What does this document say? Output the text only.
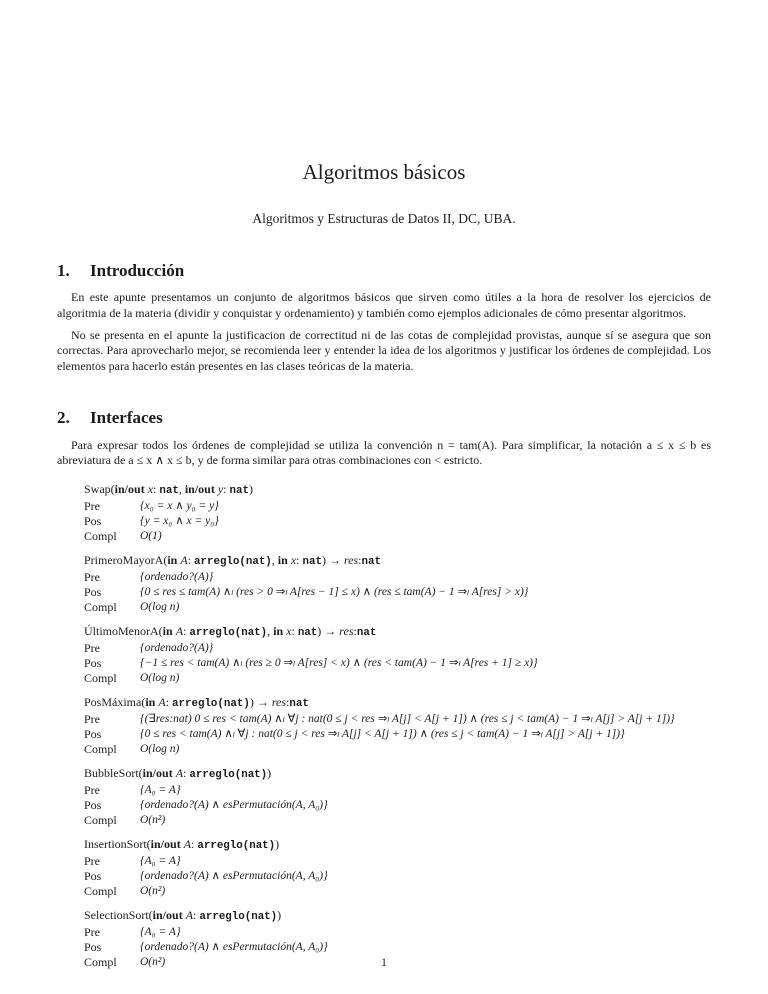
Algoritmos básicos
Algoritmos y Estructuras de Datos II, DC, UBA.
1. Introducción

En este apunte presentamos un conjunto de algoritmos básicos que sirven como útiles a la hora de resolver los ejercicios de algoritmia de la materia (dividir y conquistar y ordenamiento) y también como ejemplos adicionales de cómo presentar algoritmos.

No se presenta en el apunte la justificacion de correctitud ni de las cotas de complejidad provistas, aunque sí se asegura que son correctas. Para aprovecharlo mejor, se recomienda leer y entender la idea de los algoritmos y justificar los órdenes de complejidad. Los elementos para hacerlo están presentes en las clases teóricas de la materia.

2. Interfaces

Para expresar todos los órdenes de complejidad se utiliza la convención n = tam(A). Para simplificar, la notación a ≤ x ≤ b es abreviatura de a ≤ x ∧ x ≤ b, y de forma similar para otras combinaciones con < estricto.

Swap(in/out x: nat, in/out y: nat)
Pre	{x₀ = x ∧ y₀ = y}
Pos	{y = x₀ ∧ x = y₀}
Compl	O(1)
PrimeroMayorA(in A: arreglo(nat), in x: nat) → res:nat
Pre	{ordenado?(A)}
Pos	{0 ≤ res ≤ tam(A) ∧ₗ (res > 0 ⇒ₗ A[res − 1] ≤ x) ∧ (res ≤ tam(A) − 1 ⇒ₗ A[res] > x)}
Compl	O(log n)
ÚltimoMenorA(in A: arreglo(nat), in x: nat) → res:nat
Pre	{ordenado?(A)}
Pos	{−1 ≤ res < tam(A) ∧ₗ (res ≥ 0 ⇒ₗ A[res] < x) ∧ (res < tam(A) − 1 ⇒ₗ A[res + 1] ≥ x)}
Compl	O(log n)
PosMáxima(in A: arreglo(nat)) → res:nat
Pre	{(∃res:nat) 0 ≤ res < tam(A) ∧ₗ ∀j : nat(0 ≤ j < res ⇒ₗ A[j] < A[j + 1]) ∧ (res ≤ j < tam(A) − 1 ⇒ₗ A[j] > A[j + 1])}
Pos	{0 ≤ res < tam(A) ∧ₗ ∀j : nat(0 ≤ j < res ⇒ₗ A[j] < A[j + 1]) ∧ (res ≤ j < tam(A) − 1 ⇒ₗ A[j] > A[j + 1])}
Compl	O(log n)
BubbleSort(in/out A: arreglo(nat))
Pre	{A₀ = A}
Pos	{ordenado?(A) ∧ esPermutación(A, A₀)}
Compl	O(n²)
InsertionSort(in/out A: arreglo(nat))
Pre	{A₀ = A}
Pos	{ordenado?(A) ∧ esPermutación(A, A₀)}
Compl	O(n²)
SelectionSort(in/out A: arreglo(nat))
Pre	{A₀ = A}
Pos	{ordenado?(A) ∧ esPermutación(A, A₀)}
Compl	O(n²)	1
